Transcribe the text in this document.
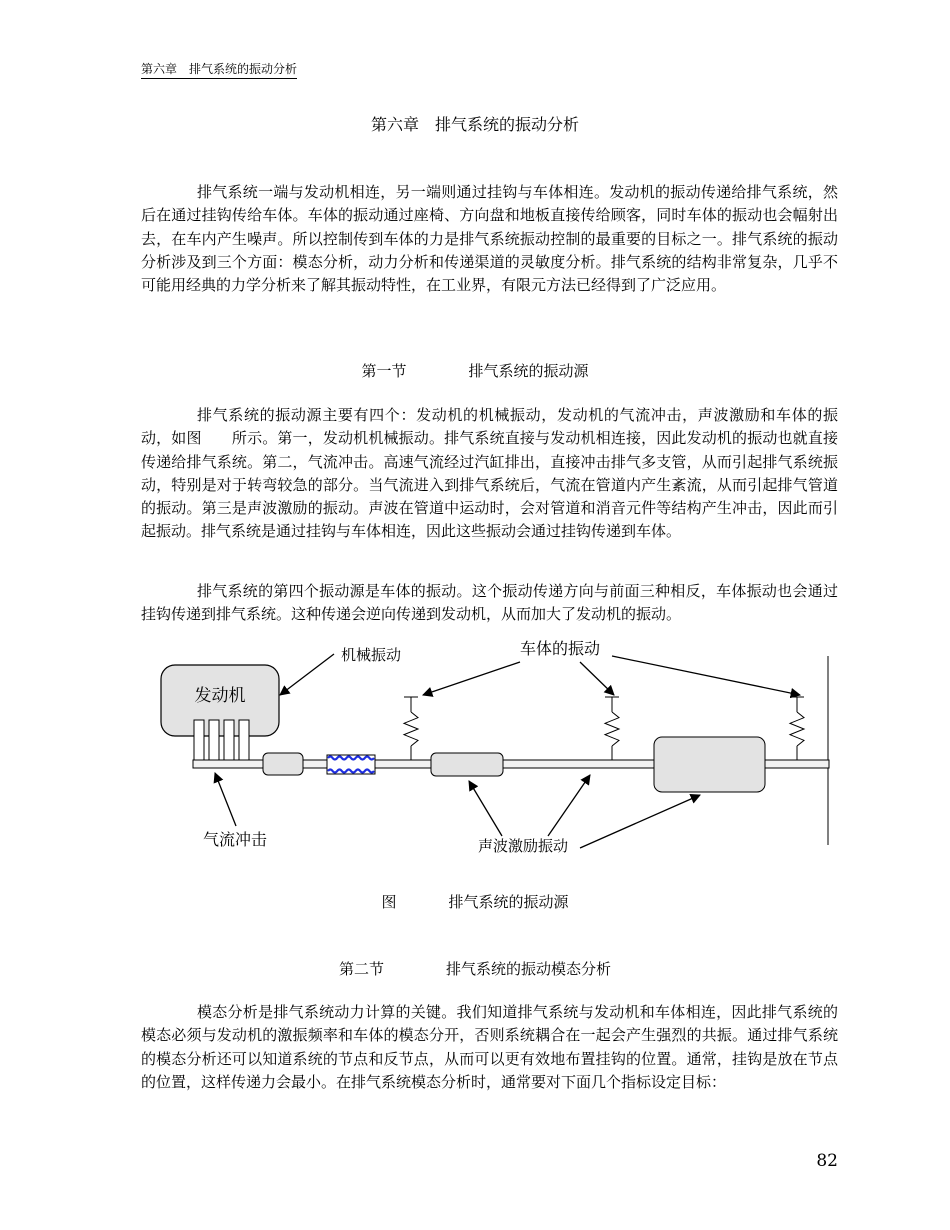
第六章　排气系统的振动分析
第六章　排气系统的振动分析

排气系统一端与发动机相连，另一端则通过挂钩与车体相连。发动机的振动传递给排气系统，然后在通过挂钩传给车体。车体的振动通过座椅、方向盘和地板直接传给顾客，同时车体的振动也会幅射出去，在车内产生噪声。所以控制传到车体的力是排气系统振动控制的最重要的目标之一。排气系统的振动分析涉及到三个方面：模态分析，动力分析和传递渠道的灵敏度分析。排气系统的结构非常复杂，几乎不可能用经典的力学分析来了解其振动特性，在工业界，有限元方法已经得到了广泛应用。

第一节	排气系统的振动源

排气系统的振动源主要有四个：发动机的机械振动，发动机的气流冲击，声波激励和车体的振动，如图　　所示。第一，发动机机械振动。排气系统直接与发动机相连接，因此发动机的振动也就直接传递给排气系统。第二，气流冲击。高速气流经过汽缸排出，直接冲击排气多支管，从而引起排气系统振动，特别是对于转弯较急的部分。当气流进入到排气系统后，气流在管道内产生紊流，从而引起排气管道的振动。第三是声波激励的振动。声波在管道中运动时，会对管道和消音元件等结构产生冲击，因此而引起振动。排气系统是通过挂钩与车体相连，因此这些振动会通过挂钩传递到车体。

排气系统的第四个振动源是车体的振动。这个振动传递方向与前面三种相反，车体振动也会通过挂钩传递到排气系统。这种传递会逆向传递到发动机，从而加大了发动机的振动。

发动机
机械振动	车体的振动
气流冲击	声波激励振动
图	排气系统的振动源
第二节	排气系统的振动模态分析

模态分析是排气系统动力计算的关键。我们知道排气系统与发动机和车体相连，因此排气系统的模态必须与发动机的激振频率和车体的模态分开，否则系统耦合在一起会产生强烈的共振。通过排气系统的模态分析还可以知道系统的节点和反节点，从而可以更有效地布置挂钩的位置。通常，挂钩是放在节点的位置，这样传递力会最小。在排气系统模态分析时，通常要对下面几个指标设定目标：

82
